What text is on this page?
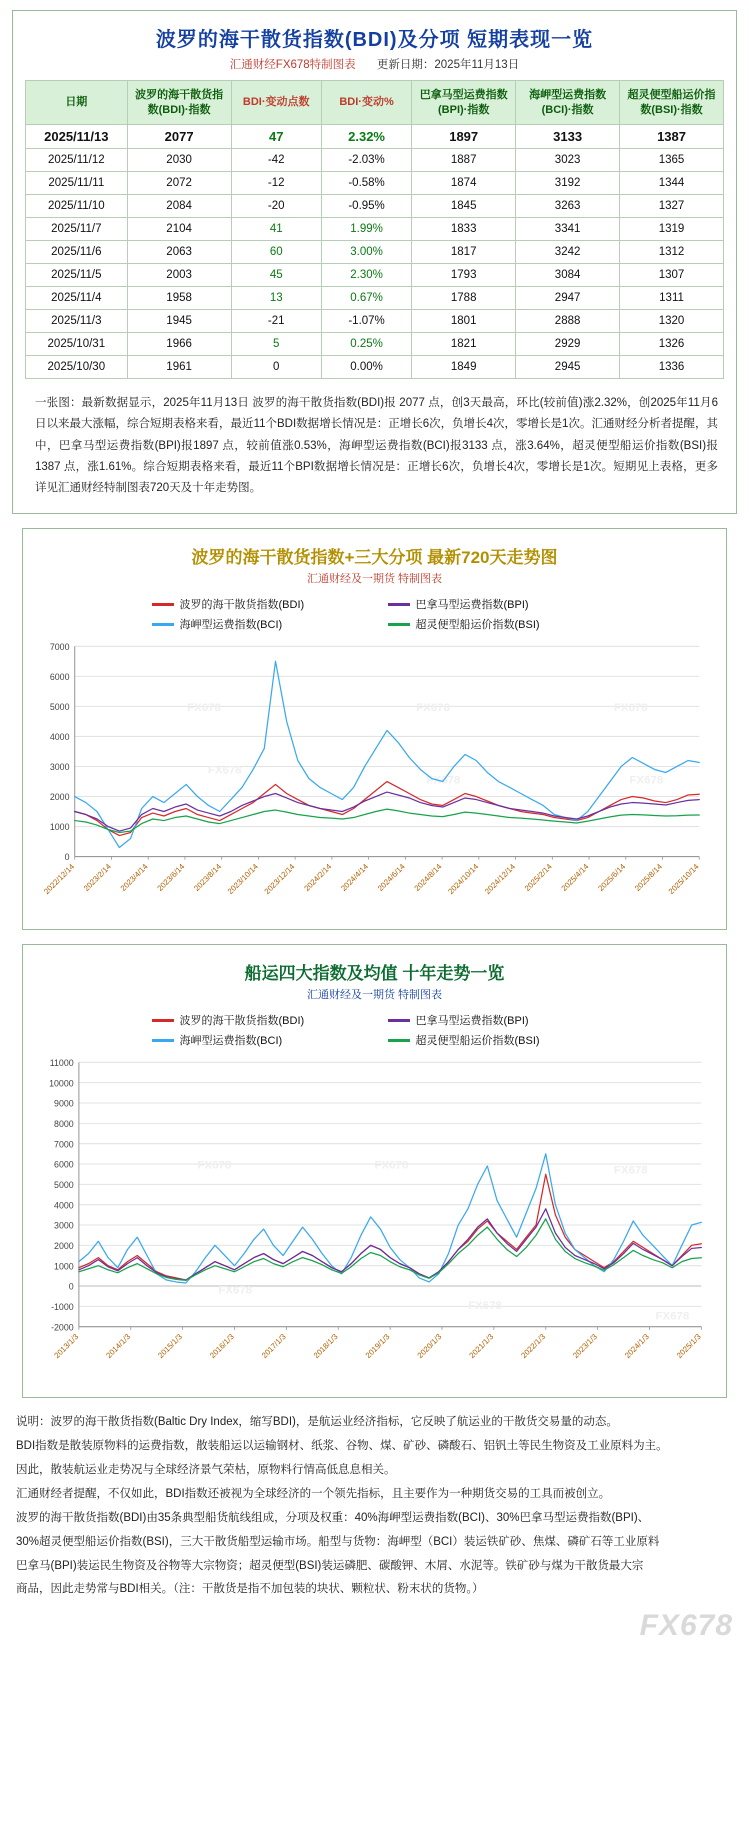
波罗的海干散货指数(BDI)及分项 短期表现一览
汇通财经FX678特制图表 更新日期：2025年11月13日
日期	波罗的海干散货指数(BDI)·指数	BDI·变动点数	BDI·变动%	巴拿马型运费指数(BPI)·指数	海岬型运费指数(BCI)·指数	超灵便型船运价指数(BSI)·指数
2025/11/13	2077	47	2.32%	1897	3133	1387
2025/11/12	2030	-42	-2.03%	1887	3023	1365
2025/11/11	2072	-12	-0.58%	1874	3192	1344
2025/11/10	2084	-20	-0.95%	1845	3263	1327
2025/11/7	2104	41	1.99%	1833	3341	1319
2025/11/6	2063	60	3.00%	1817	3242	1312
2025/11/5	2003	45	2.30%	1793	3084	1307
2025/11/4	1958	13	0.67%	1788	2947	1311
2025/11/3	1945	-21	-1.07%	1801	2888	1320
2025/10/31	1966	5	0.25%	1821	2929	1326
2025/10/30	1961	0	0.00%	1849	2945	1336
一张图：最新数据显示，2025年11月13日 波罗的海干散货指数(BDI)报 2077 点，创3天最高，环比(较前值)涨2.32%，创2025年11月6日以来最大涨幅，综合短期表格来看，最近11个BDI数据增长情况是：正增长6次，负增长4次，零增长是1次。汇通财经分析者提醒，其中，巴拿马型运费指数(BPI)报1897 点，较前值涨0.53%，海岬型运费指数(BCI)报3133 点，涨3.64%，超灵便型船运价指数(BSI)报1387 点，涨1.61%。综合短期表格来看，最近11个BPI数据增长情况是：正增长6次，负增长4次，零增长是1次。短期见上表格，更多详见汇通财经特制图表720天及十年走势图。
波罗的海干散货指数+三大分项 最新720天走势图
汇通财经及一期货 特制图表
波罗的海干散货指数(BDI)	巴拿马型运费指数(BPI)
海岬型运费指数(BCI)	超灵便型船运价指数(BSI)
0
1000
2000
3000
4000
5000
6000
7000
FX678
FX678
FX678
FX678
FX678
FX678
2022/12/14 2023/2/14 2023/4/14 2023/6/14 2023/8/14 2023/10/14 2023/12/14 2024/2/14 2024/4/14 2024/6/14 2024/8/14 2024/10/14 2024/12/14 2025/2/14 2025/4/14 2025/6/14 2025/8/14 2025/10/14
船运四大指数及均值 十年走势一览
汇通财经及一期货 特制图表
波罗的海干散货指数(BDI)	巴拿马型运费指数(BPI)
海岬型运费指数(BCI)	超灵便型船运价指数(BSI)
-2000
-1000
0
1000
2000
3000
4000
5000
6000
7000
8000
9000
10000
11000
FX678	FX678	FX678
FX678
FX678
FX678
2013/1/3	2014/1/3	2015/1/3	2016/1/3	2017/1/3	2018/1/3	2019/1/3	2020/1/3	2021/1/3	2022/1/3	2023/1/3	2024/1/3	2025/1/3

说明：波罗的海干散货指数(Baltic Dry Index，缩写BDI)，是航运业经济指标，它反映了航运业的干散货交易量的动态。

BDI指数是散装原物料的运费指数，散装船运以运输钢材、纸浆、谷物、煤、矿砂、磷酸石、铝钒土等民生物资及工业原料为主。

因此，散装航运业走势况与全球经济景气荣枯，原物料行情高低息息相关。

汇通财经者提醒，不仅如此，BDI指数还被视为全球经济的一个领先指标，且主要作为一种期货交易的工具而被创立。

波罗的海干散货指数(BDI)由35条典型船货航线组成，分项及权重：40%海岬型运费指数(BCI)、30%巴拿马型运费指数(BPI)、

30%超灵便型船运价指数(BSI)，三大干散货船型运输市场。船型与货物：海岬型（BCI）装运铁矿砂、焦煤、磷矿石等工业原料

巴拿马(BPI)装运民生物资及谷物等大宗物资；超灵便型(BSI)装运磷肥、碳酸钾、木屑、水泥等。铁矿砂与煤为干散货最大宗

商品，因此走势常与BDI相关。（注：干散货是指不加包装的块状、颗粒状、粉末状的货物。）

FX678
